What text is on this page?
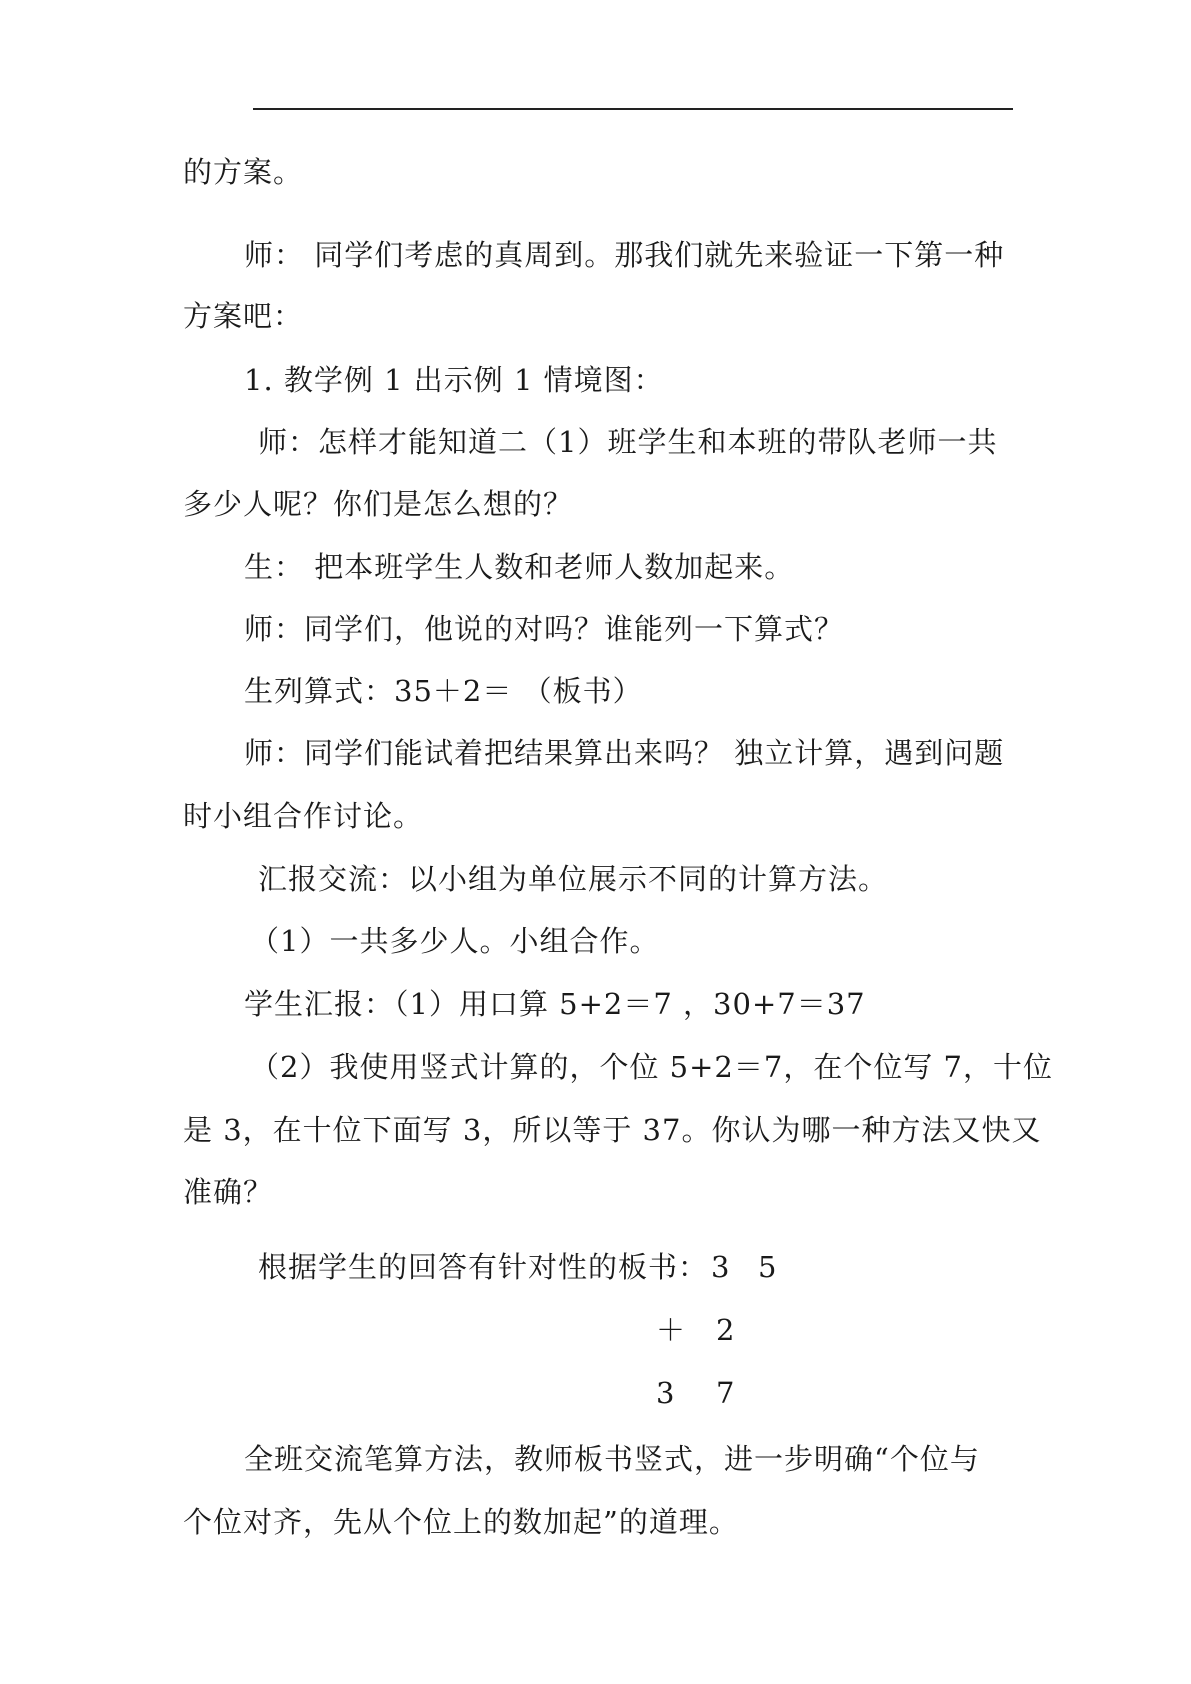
的方案。
师： 同学们考虑的真周到。那我们就先来验证一下第一种
方案吧：
1. 教学例 1 出示例 1 情境图：
师：怎样才能知道二（1）班学生和本班的带队老师一共
多少人呢？你们是怎么想的？
生： 把本班学生人数和老师人数加起来。
师：同学们，他说的对吗？谁能列一下算式？
生列算式：35＋2＝ （板书）
师：同学们能试着把结果算出来吗？ 独立计算，遇到问题
时小组合作讨论。
汇报交流：以小组为单位展示不同的计算方法。
（1）一共多少人。小组合作。
学生汇报：（1）用口算 5+2＝7 ，30+7＝37
（2）我使用竖式计算的，个位 5+2＝7，在个位写 7，十位
是 3，在十位下面写 3，所以等于 37。你认为哪一种方法又快又
准确？
根据学生的回答有针对性的板书： 3 5
＋ 2
3 7
全班交流笔算方法，教师板书竖式，进一步明确“个位与
个位对齐，先从个位上的数加起”的道理。
